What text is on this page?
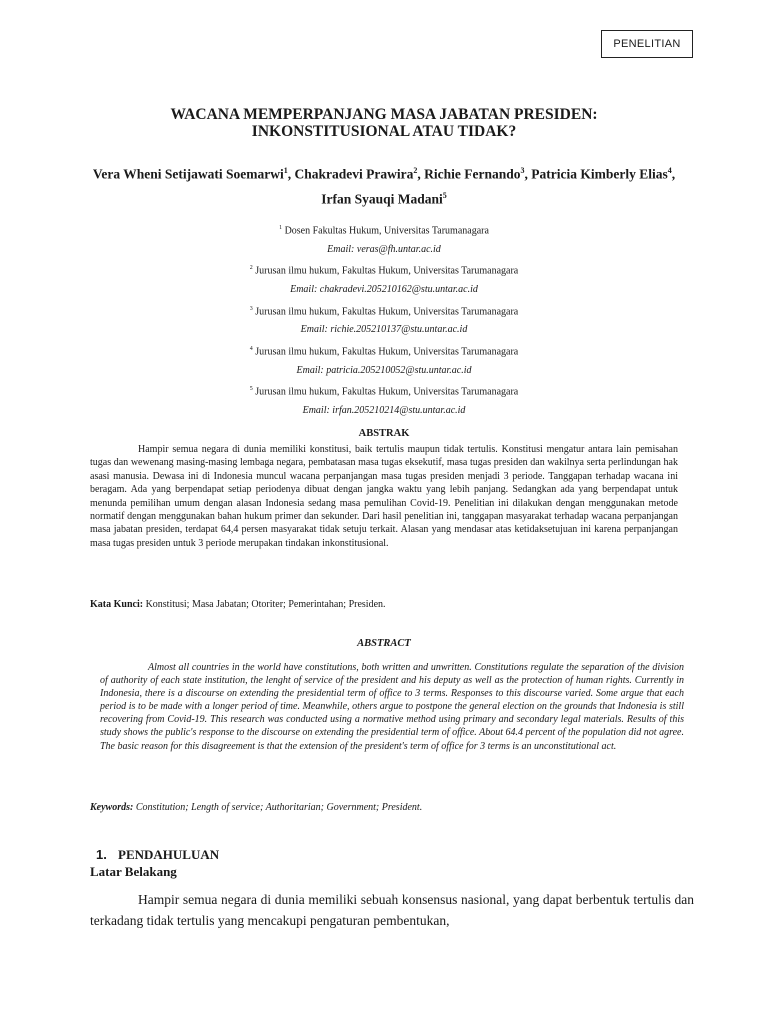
PENELITIAN
WACANA MEMPERPANJANG MASA JABATAN PRESIDEN:
INKONSTITUSIONAL ATAU TIDAK?
Vera Wheni Setijawati Soemarwi$^1$, Chakradevi Prawira$^2$, Richie Fernando$^3$, Patricia Kimberly Elias$^4$, Irfan Syauqi Madani$^5$
$^1$ Dosen Fakultas Hukum, Universitas Tarumanagara
Email: veras@fh.untar.ac.id
$^2$ Jurusan ilmu hukum, Fakultas Hukum, Universitas Tarumanagara
Email: chakradevi.205210162@stu.untar.ac.id
$^3$ Jurusan ilmu hukum, Fakultas Hukum, Universitas Tarumanagara
Email: richie.205210137@stu.untar.ac.id
$^4$ Jurusan ilmu hukum, Fakultas Hukum, Universitas Tarumanagara
Email: patricia.205210052@stu.untar.ac.id
$^5$ Jurusan ilmu hukum, Fakultas Hukum, Universitas Tarumanagara
Email: irfan.205210214@stu.untar.ac.id
ABSTRAK

Hampir semua negara di dunia memiliki konstitusi, baik tertulis maupun tidak tertulis. Konstitusi mengatur antara lain pemisahan tugas dan wewenang masing-masing lembaga negara, pembatasan masa tugas eksekutif, masa tugas presiden dan wakilnya serta perlindungan hak asasi manusia. Dewasa ini di Indonesia muncul wacana perpanjangan masa tugas presiden menjadi 3 periode. Tanggapan terhadap wacana ini beragam. Ada yang berpendapat setiap periodenya dibuat dengan jangka waktu yang lebih panjang. Sedangkan ada yang berpendapat untuk menunda pemilihan umum dengan alasan Indonesia sedang masa pemulihan Covid-19. Penelitian ini dilakukan dengan menggunakan metode normatif dengan menggunakan bahan hukum primer dan sekunder. Dari hasil penelitian ini, tanggapan masyarakat terhadap wacana perpanjangan masa jabatan presiden, terdapat 64,4 persen masyarakat tidak setuju terkait. Alasan yang mendasar atas ketidaksetujuan ini karena perpanjangan masa tugas presiden untuk 3 periode merupakan tindakan inkonstitusional.

Kata Kunci: Konstitusi; Masa Jabatan; Otoriter; Pemerintahan; Presiden.
ABSTRACT

Almost all countries in the world have constitutions, both written and unwritten. Constitutions regulate the separation of the division of authority of each state institution, the lenght of service of the president and his deputy as well as the protection of human rights. Currently in Indonesia, there is a discourse on extending the presidential term of office to 3 terms. Responses to this discourse varied. Some argue that each period is to be made with a longer period of time. Meanwhile, others argue to postpone the general election on the grounds that Indonesia is still recovering from Covid-19. This research was conducted using a normative method using primary and secondary legal materials. Results of this study shows the public's response to the discourse on extending the presidential term of office. About 64.4 percent of the population did not agree. The basic reason for this disagreement is that the extension of the president's term of office for 3 terms is an unconstitutional act.

Keywords: Constitution; Length of service; Authoritarian; Government; President.
1. PENDAHULUAN
Latar Belakang

Hampir semua negara di dunia memiliki sebuah konsensus nasional, yang dapat berbentuk tertulis dan terkadang tidak tertulis yang mencakupi pengaturan pembentukan,
